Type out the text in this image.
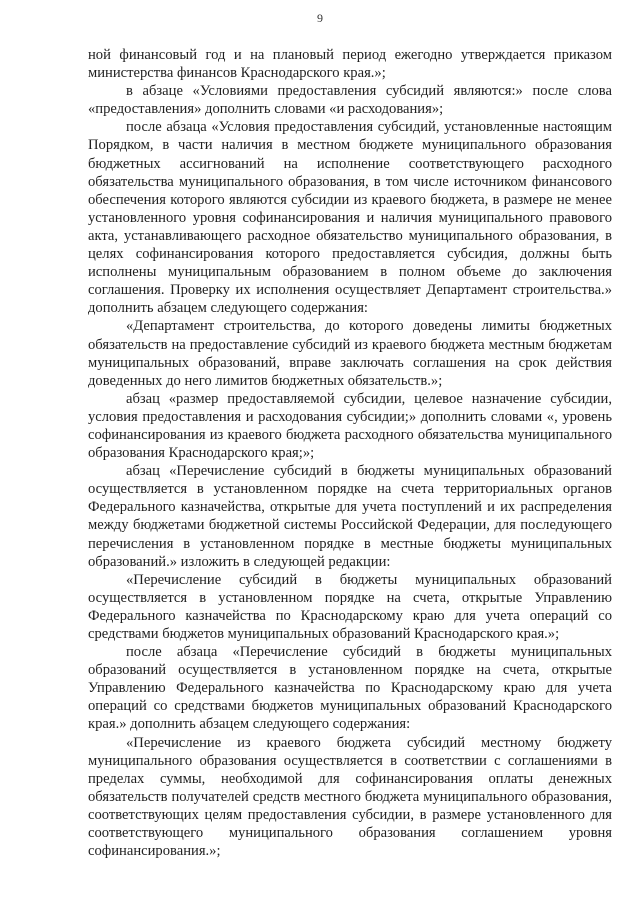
9

ной финансовый год и на плановый период ежегодно утверждается приказом министерства финансов Краснодарского края.»;

в абзаце «Условиями предоставления субсидий являются:» после слова «предоставления» дополнить словами «и расходования»;

после абзаца «Условия предоставления субсидий, установленные настоящим Порядком, в части наличия в местном бюджете муниципального образования бюджетных ассигнований на исполнение соответствующего расходного обязательства муниципального образования, в том числе источником финансового обеспечения которого являются субсидии из краевого бюджета, в размере не менее установленного уровня софинансирования и наличия муниципального правового акта, устанавливающего расходное обязательство муниципального образования, в целях софинансирования которого предоставляется субсидия, должны быть исполнены муниципальным образованием в полном объеме до заключения соглашения. Проверку их исполнения осуществляет Департамент строительства.» дополнить абзацем следующего содержания:

«Департамент строительства, до которого доведены лимиты бюджетных обязательств на предоставление субсидий из краевого бюджета местным бюджетам муниципальных образований, вправе заключать соглашения на срок действия доведенных до него лимитов бюджетных обязательств.»;

абзац «размер предоставляемой субсидии, целевое назначение субсидии, условия предоставления и расходования субсидии;» дополнить словами «, уровень софинансирования из краевого бюджета расходного обязательства муниципального образования Краснодарского края;»;

абзац «Перечисление субсидий в бюджеты муниципальных образований осуществляется в установленном порядке на счета территориальных органов Федерального казначейства, открытые для учета поступлений и их распределения между бюджетами бюджетной системы Российской Федерации, для последующего перечисления в установленном порядке в местные бюджеты муниципальных образований.» изложить в следующей редакции:

«Перечисление субсидий в бюджеты муниципальных образований осуществляется в установленном порядке на счета, открытые Управлению Федерального казначейства по Краснодарскому краю для учета операций со средствами бюджетов муниципальных образований Краснодарского края.»;

после абзаца «Перечисление субсидий в бюджеты муниципальных образований осуществляется в установленном порядке на счета, открытые Управлению Федерального казначейства по Краснодарскому краю для учета операций со средствами бюджетов муниципальных образований Краснодарского края.» дополнить абзацем следующего содержания:

«Перечисление из краевого бюджета субсидий местному бюджету муниципального образования осуществляется в соответствии с соглашениями в пределах суммы, необходимой для софинансирования оплаты денежных обязательств получателей средств местного бюджета муниципального образования, соответствующих целям предоставления субсидии, в размере установленного для соответствующего муниципального образования соглашением уровня софинансирования.»;
